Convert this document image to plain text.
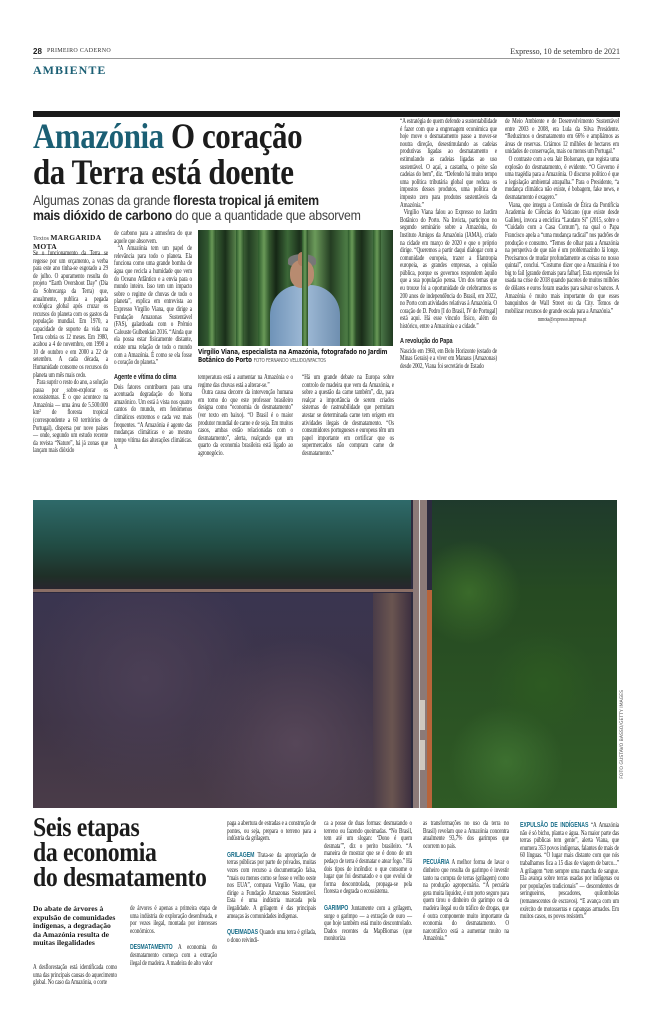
28 PRIMEIRO CADERNO	Expresso, 10 de setembro de 2021
AMBIENTE
Amazónia O coração
da Terra está doente
Algumas zonas da grande floresta tropical já emitem
mais dióxido de carbono do que a quantidade que absorvem
Textos MARGARIDA MOTA

Se o funcionamento da Terra se regesse por um orçamento, a verba para este ano tinha-se esgotado a 29 de julho. O apuramento resulta do projeto “Earth Overshoot Day” (Dia da Sobrecarga da Terra) que, anualmente, publica a pegada ecológica global após cruzar os recursos do planeta com os gastos da população mundial. Em 1970, a capacidade de suporte da vida na Terra cobria os 12 meses. Em 1980, acabou a 4 de novembro, em 1990 a 10 de outubro e em 2000 a 22 de setembro. A cada década, a Humanidade consome os recursos do planeta um mês mais cedo.

Para suprir o resto do ano, a solução passa por sobre-explorar os ecossistemas. É o que acontece na Amazónia — uma área de 5.500.000 km² de floresta tropical (correspondente a 60 territórios de Portugal), dispersa por nove países — onde, segundo um estudo recente da revista “Nature”, há já zonas que lançam mais dióxido

de carbono para a atmosfera do que aquele que absorvem.

“A Amazónia tem um papel de relevância para todo o planeta. Ela funciona como uma grande bomba de água que recicla a humidade que vem do Oceano Atlântico e a envia para o mundo inteiro. Isso tem um impacto sobre o regime de chuvas de todo o planeta”, explica em entrevista ao Expresso Virgílio Viana, que dirige a Fundação Amazonas Sustentável (FAS), galardoada com o Prémio Calouste Gulbenkian 2016. “Ainda que ela possa estar fisicamente distante, existe uma relação de todo o mundo com a Amazónia. É como se ela fosse o coração do planeta.”

Agente e vítima do clima

Dois fatores contribuem para uma acentuada degradação do bioma amazónico. Um está à vista nos quatro cantos do mundo, em fenómenos climáticos extremos e cada vez mais frequentes. “A Amazónia é agente das mudanças climáticas e ao mesmo tempo vítima das alterações climáticas. A

Virgílio Viana, especialista na Amazónia, fotografado no Jardim Botânico do Porto FOTO FERNANDO VELUDO/NFACTOS

temperatura está a aumentar na Amazónia e o regime das chuvas está a alterar-se.”

Outra causa decorre da intervenção humana em torno do que este professor brasileiro designa como “economia do desmatamento” (ver texto em baixo). “O Brasil é o maior produtor mundial de carne e de soja. Em muitos casos, ambas estão relacionadas com o desmatamento”, alerta, realçando que um quarto da economia brasileira está ligado ao agronegócio.

“Há um grande debate na Europa sobre controlo de madeira que vem da Amazónia, e sobre a questão da carne também”, diz, para realçar a importância de serem criados sistemas de rastreabilidade que permitam atestar se determinada carne tem origem em atividades ilegais de desmatamento. “Os consumidores portugueses e europeus têm um papel importante em certificar que os supermercados não compram carne de desmatamento.”

“A estratégia de quem defende a sustentabilidade é fazer com que a engrenagem económica que hoje move o desmatamento passe a mover-se noutra direção, desestimulando as cadeias produtivas ligadas ao desmatamento e estimulando as cadeias ligadas ao uso sustentável. O açaí, a castanha, o peixe são cadeias do bem”, diz. “Defendo há muito tempo uma política tributária global que reduza os impostos desses produtos, uma política de imposto zero para produtos sustentáveis da Amazónia.”

Virgílio Viana falou ao Expresso no Jardim Botânico do Porto. Na Invicta, participou no segundo seminário sobre a Amazónia, do Instituto Amigos da Amazónia (IAMA), criado na cidade em março de 2020 e que o próprio dirige. “Queremos a partir daqui dialogar com a comunidade europeia, trazer a filantropia europeia, as grandes empresas, a opinião pública, porque os governos respondem àquilo que a sua população pensa. Um dos temas que eu trouxe foi a oportunidade de celebrarmos os 200 anos de independência do Brasil, em 2022, no Porto com atividades relativas à Amazónia. O coração de D. Pedro [I do Brasil, IV de Portugal] está aqui. Há esse vínculo físico, além do histórico, entre a Amazónia e a cidade.”

A revolução do Papa

Nascido em 1960, em Belo Horizonte (estado de Minas Gerais) e a viver em Manaus (Amazonas) desde 2002, Viana foi secretário de Estado

de Meio Ambiente e de Desenvolvimento Sustentável entre 2003 e 2008, era Lula da Silva Presidente. “Reduzimos o desmatamento em 66% e ampliámos as áreas de reservas. Criámos 12 milhões de hectares em unidades de conservação, mais ou menos um Portugal.”

O contraste com a era Jair Bolsonaro, que regista uma explosão do desmatamento, é evidente. “O Governo é uma tragédia para a Amazónia. O discurso político é que a legislação ambiental atrapalha.” Para o Presidente, “a mudança climática não existe, é bobagem, fake news, e desmatamento é exagero.”

Viana, que integra a Comissão de Ética da Pontifícia Academia de Ciências do Vaticano (que existe desde Galileu), invoca a encíclica “Laudato Si” (2015, sobre o “Cuidado com a Casa Comum”), na qual o Papa Francisco apela a “uma mudança radical” nos padrões de produção e consumo. “Temos de olhar para a Amazónia na perspetiva de que não é um problemazinho lá longe. Precisamos de mudar profundamente as coisas no nosso quintal”, conclui. “Costumo dizer que a Amazónia é too big to fail [grande demais para falhar]. Esta expressão foi usada na crise de 2018 quando pacotes de muitos milhões de dólares e euros foram usados para salvar os bancos. A Amazónia é muito mais importante do que esses banquinhos de Wall Street ou da City. Temos de mobilizar recursos de grande escala para a Amazónia.”

mmota@expresso.impresa.pt
FOTO GUSTAVO BASSO/GETTY IMAGES
Seis etapas
da economia
do desmatamento
Do abate de árvores à expulsão de comunidades indígenas, a degradação da Amazónia resulta de muitas ilegalidades

A desflorestação está identificada como uma das principais causas do aquecimento global. No caso da Amazónia, o corte

de árvores é apenas a primeira etapa de uma indústria de exploração desenfreada, e por vezes ilegal, montada por interesses económicos.

DESMATAMENTO A economia do desmatamento começa com a extração ilegal de madeira. A madeira de alto valor

paga a abertura de estradas e a construção de pontes, ou seja, prepara o terreno para a indústria da grilagem.

GRILAGEM Trata-se da apropriação de terras públicas por parte de privados, muitas vezes com recurso a documentação falsa, “mais ou menos como se fosse o velho oeste nos EUA”, compara Virgílio Viana, que dirige a Fundação Amazonas Sustentável. Esta é uma indústria marcada pela ilegalidade. A grilagem é das principais ameaças às comunidades indígenas.

QUEIMADAS Quando uma terra é grilada, o dono reivindi-

ca a posse de duas formas: desmatando o terreno ou fazendo queimadas. “No Brasil, tem até um slogan: ‘Dono é quem desmata’”, diz o perito brasileiro. “A maneira de mostrar que se é dono de um pedaço de terra é desmatar e atear fogo.” Há dois tipos de incêndio: o que consome o lugar que foi desmatado e o que evolui de forma descontrolada, propaga-se pela floresta e degrada o ecossistema.

GARIMPO Juntamente com a grilagem, surge o garimpo — a extração de ouro — que hoje também está muito descontrolado. Dados recentes da MapBiomas (que monitoriza

as transformações no uso da terra no Brasil) revelam que a Amazónia concentra atualmente 93,7% dos garimpos que ocorrem no país.

PECUÁRIA A melhor forma de lavar o dinheiro que resulta do garimpo é investir tanto na compra de terras (grilagem) como na produção agropecuária. “A pecuária gera muita liquidez, é um porto seguro para quem tirou o dinheiro do garimpo ou da madeira ilegal ou do tráfico de drogas, que é outra componente muito importante da economia do desmatamento. O narcotráfico está a aumentar muito na Amazónia.”

EXPULSÃO DE INDÍGENAS “A Amazónia não é só bicho, planta e água. Na maior parte das terras públicas tem gente”, alerta Viana, que enumera 353 povos indígenas, falantes de mais de 60 línguas. “O lugar mais distante com que nós trabalhamos fica a 15 dias de viagem de barco...” A grilagem “tem sempre uma mancha de sangue. Ela avança sobre terras usadas por indígenas ou por populações tradicionais” — descendentes de seringueiros, pescadores, quilombolas (remanescentes de escravos). “E avança com um exército de motosserras e capangas armados. Em muitos casos, os povos resistem.”
